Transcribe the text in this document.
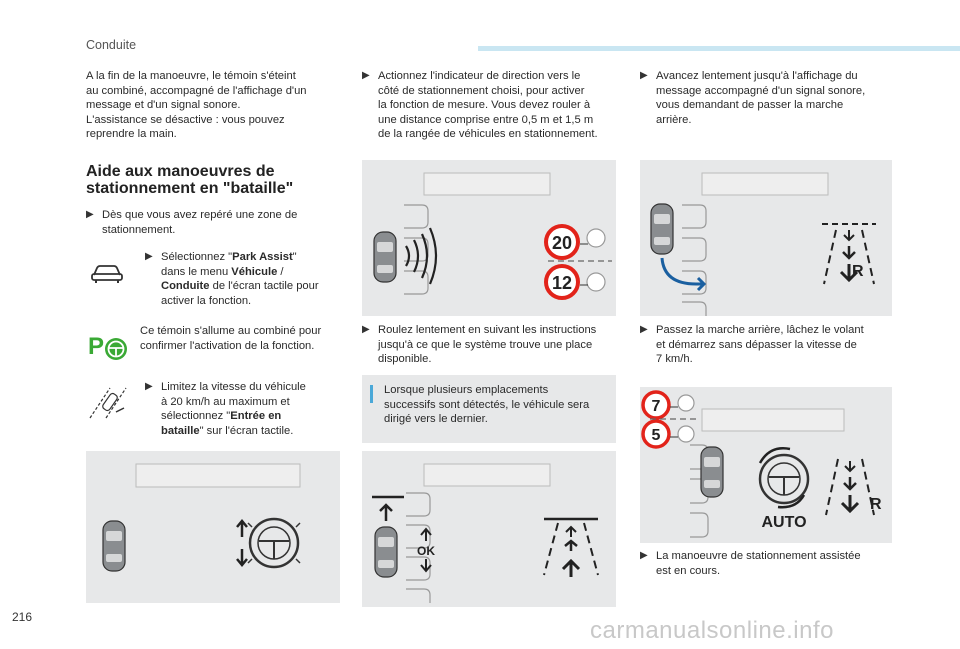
Conduite
A la fin de la manoeuvre, le témoin s'éteint
au combiné, accompagné de l'affichage d'un
message et d'un signal sonore.
L'assistance se désactive : vous pouvez
reprendre la main.
Aide aux manoeuvres de
stationnement en "bataille"
▶ Dès que vous avez repéré une zone de
stationnement.
▶ Sélectionnez "Park Assist"
dans le menu Véhicule /
Conduite de l'écran tactile pour
activer la fonction.
P
Ce témoin s'allume au combiné pour
confirmer l'activation de la fonction.
▶ Limitez la vitesse du véhicule
à 20 km/h au maximum et
sélectionnez "Entrée en
bataille" sur l'écran tactile.
▶ Actionnez l'indicateur de direction vers le
côté de stationnement choisi, pour activer
la fonction de mesure. Vous devez rouler à
une distance comprise entre 0,5 m et 1,5 m
de la rangée de véhicules en stationnement.
20
12
▶ Roulez lentement en suivant les instructions
jusqu'à ce que le système trouve une place
disponible.
Lorsque plusieurs emplacements
successifs sont détectés, le véhicule sera
dirigé vers le dernier.
OK
▶ Avancez lentement jusqu'à l'affichage du
message accompagné d'un signal sonore,
vous demandant de passer la marche
arrière.
R
▶ Passez la marche arrière, lâchez le volant
et démarrez sans dépasser la vitesse de
7 km/h.
7
5
AUTO
R
▶ La manoeuvre de stationnement assistée
est en cours.
216	carmanualsonline.info
